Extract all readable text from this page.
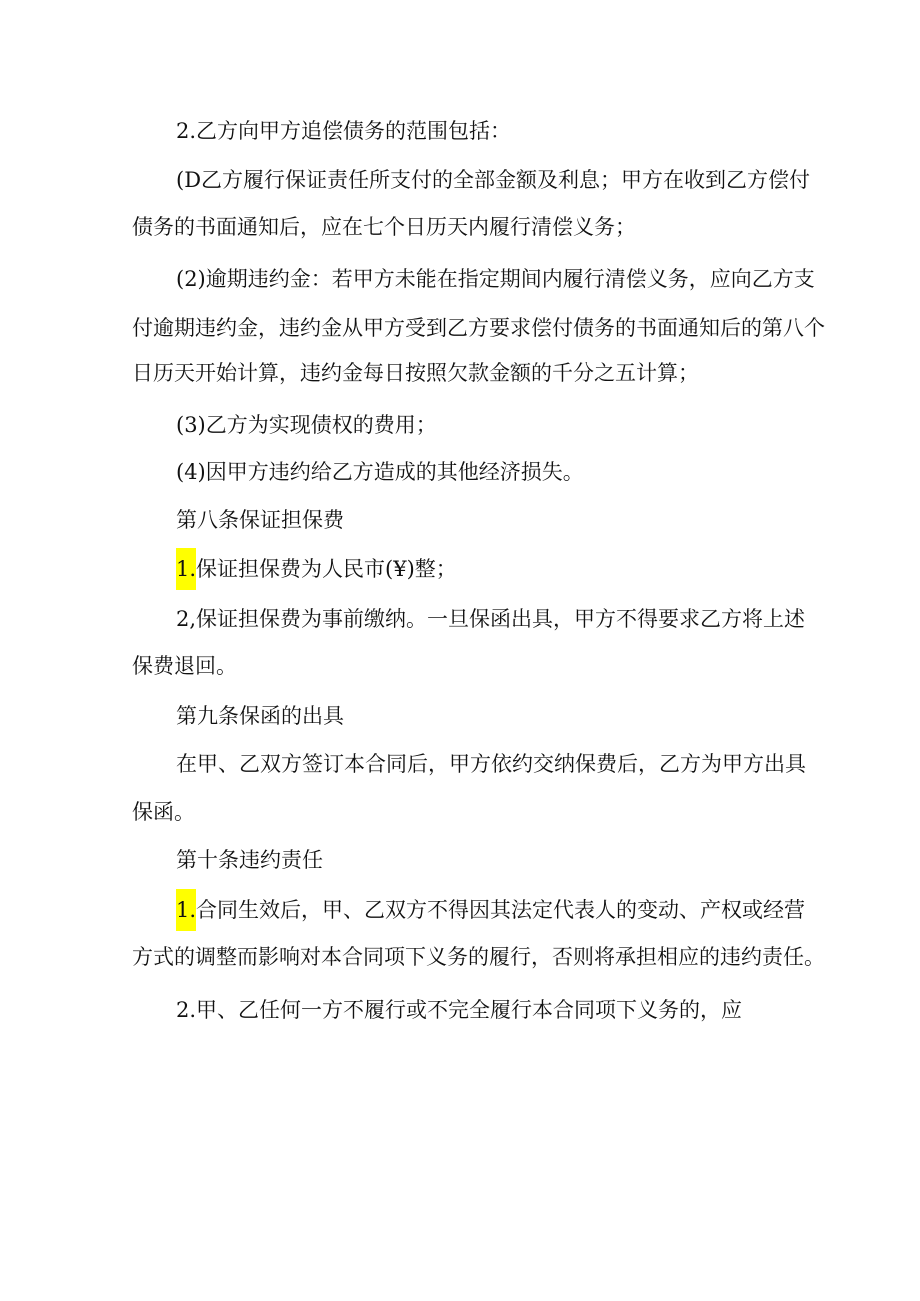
2.乙方向甲方追偿债务的范围包括：
(D乙方履行保证责任所支付的全部金额及利息；甲方在收到乙方偿付
债务的书面通知后，应在七个日历天内履行清偿义务；
(2)逾期违约金：若甲方未能在指定期间内履行清偿义务，应向乙方支
付逾期违约金，违约金从甲方受到乙方要求偿付债务的书面通知后的第八个
日历天开始计算，违约金每日按照欠款金额的千分之五计算；
(3)乙方为实现债权的费用；
(4)因甲方违约给乙方造成的其他经济损失。
第八条保证担保费
1.保证担保费为人民市(¥)整；
2,保证担保费为事前缴纳。一旦保函出具，甲方不得要求乙方将上述
保费退回。
第九条保函的出具
在甲、乙双方签订本合同后，甲方依约交纳保费后，乙方为甲方出具
保函。
第十条违约责任
1.合同生效后，甲、乙双方不得因其法定代表人的变动、产权或经营
方式的调整而影响对本合同项下义务的履行，否则将承担相应的违约责任。
2.甲、乙任何一方不履行或不完全履行本合同项下义务的，应
